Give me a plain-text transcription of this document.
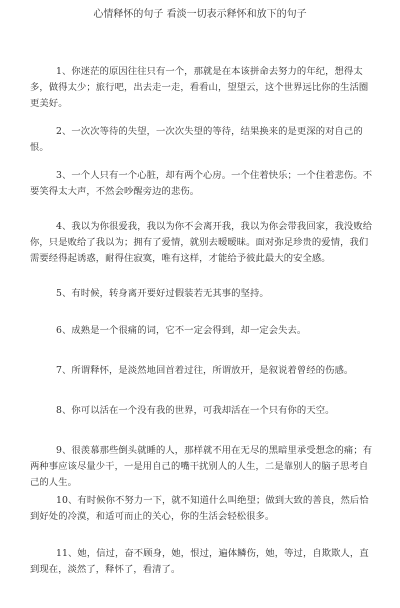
心情释怀的句子 看淡一切表示释怀和放下的句子

1、你迷茫的原因往往只有一个，那就是在本该拼命去努力的年纪，想得太多，做得太少；旅行吧，出去走一走，看看山，望望云，这个世界远比你的生活圈更美好。

2、一次次等待的失望，一次次失望的等待，结果换来的是更深的对自己的恨。

3、一个人只有一个心脏，却有两个心房。一个住着快乐；一个住着悲伤。不要笑得太大声，不然会吵醒旁边的悲伤。

4、我以为你很爱我，我以为你不会离开我，我以为你会带我回家，我没败给你，只是败给了我以为；拥有了爱情，就别去暧暧昧。面对弥足珍贵的爱情，我们需要经得起诱惑，耐得住寂寞，唯有这样，才能给予彼此最大的安全感。

5、有时候，转身离开要好过假装若无其事的坚持。

6、成熟是一个很痛的词，它不一定会得到，却一定会失去。

7、所谓释怀，是淡然地回首着过往，所谓放开，是叙说着曾经的伤感。

8、你可以活在一个没有我的世界，可我却活在一个只有你的天空。

9、很羡慕那些倒头就睡的人，那样就不用在无尽的黑暗里承受想念的痛；有两种事应该尽量少干，一是用自己的嘴干扰别人的人生，二是靠别人的脑子思考自己的人生。

10、有时候你不努力一下，就不知道什么叫绝望；做到大致的善良，然后恰到好处的冷漠，和适可而止的关心，你的生活会轻松很多。

11、她，信过，奋不顾身，她，恨过，遍体鳞伤，她，等过，自欺欺人，直到现在，淡然了，释怀了，看清了。
